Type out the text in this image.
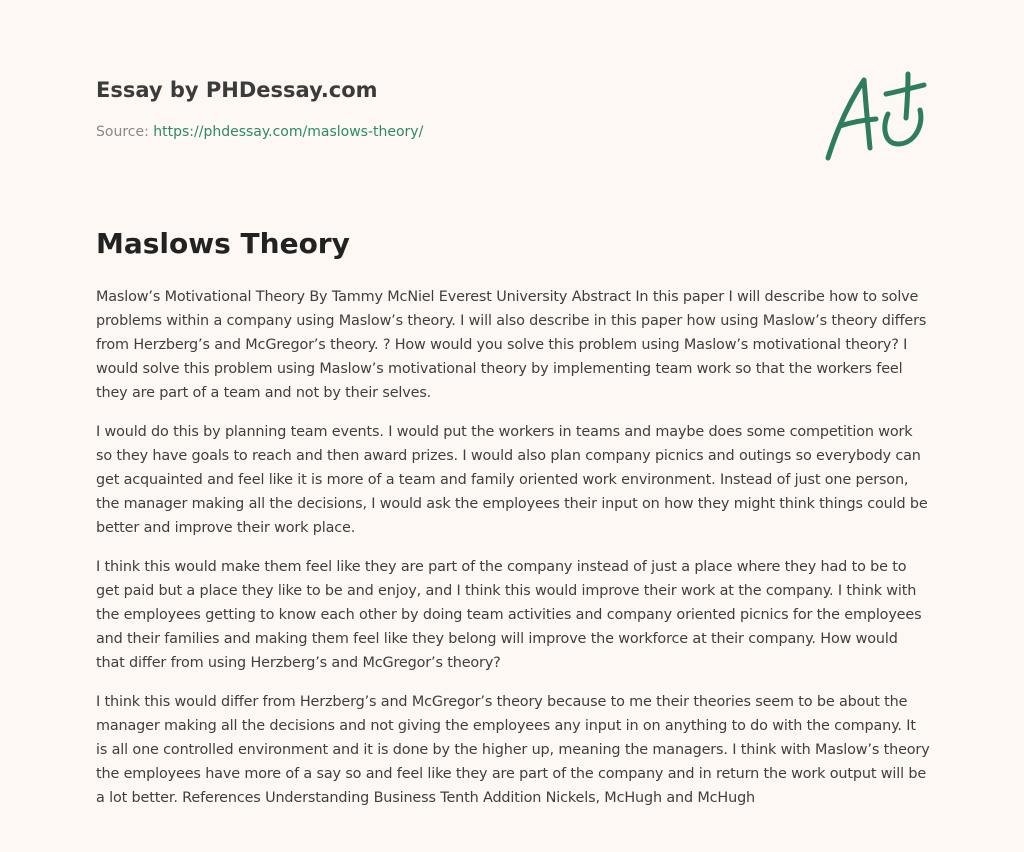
Essay by PHDessay.com
Source: https://phdessay.com/maslows-theory/
Maslows Theory

Maslow’s Motivational Theory By Tammy McNiel Everest University Abstract In this paper I will describe how to solve problems within a company using Maslow’s theory. I will also describe in this paper how using Maslow’s theory differs from Herzberg’s and McGregor’s theory. ? How would you solve this problem using Maslow’s motivational theory? I would solve this problem using Maslow’s motivational theory by implementing team work so that the workers feel they are part of a team and not by their selves.

I would do this by planning team events. I would put the workers in teams and maybe does some competition work so they have goals to reach and then award prizes. I would also plan company picnics and outings so everybody can get acquainted and feel like it is more of a team and family oriented work environment. Instead of just one person, the manager making all the decisions, I would ask the employees their input on how they might think things could be better and improve their work place.

I think this would make them feel like they are part of the company instead of just a place where they had to be to get paid but a place they like to be and enjoy, and I think this would improve their work at the company. I think with the employees getting to know each other by doing team activities and company oriented picnics for the employees and their families and making them feel like they belong will improve the workforce at their company. How would that differ from using Herzberg’s and McGregor’s theory?

I think this would differ from Herzberg’s and McGregor’s theory because to me their theories seem to be about the manager making all the decisions and not giving the employees any input in on anything to do with the company. It is all one controlled environment and it is done by the higher up, meaning the managers. I think with Maslow’s theory the employees have more of a say so and feel like they are part of the company and in return the work output will be a lot better. References Understanding Business Tenth Addition Nickels, McHugh and McHugh
